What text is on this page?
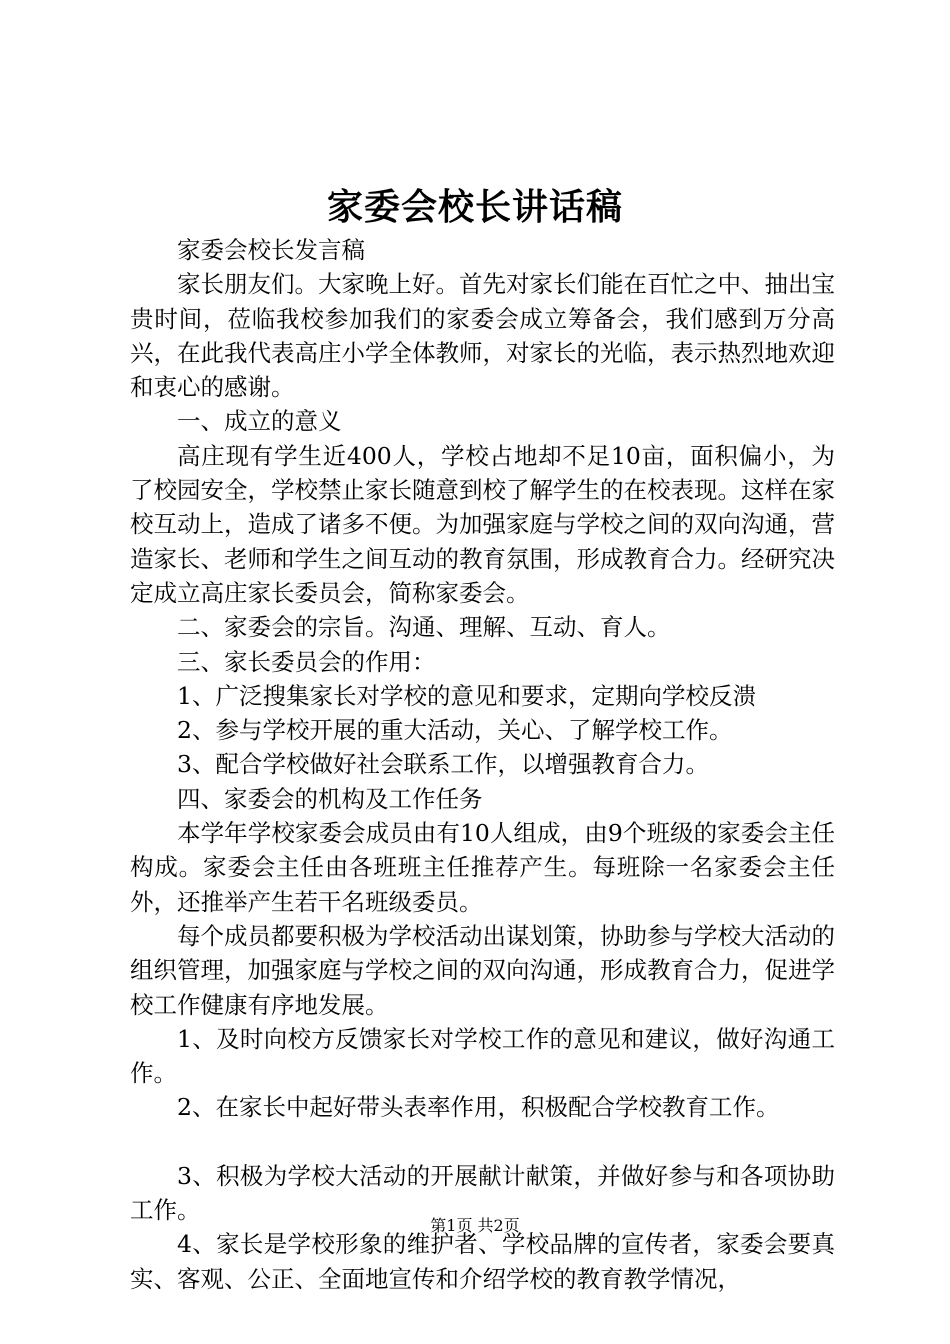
家委会校长讲话稿

家委会校长发言稿

家长朋友们。大家晚上好。首先对家长们能在百忙之中、抽出宝贵时间，莅临我校参加我们的家委会成立筹备会，我们感到万分高兴，在此我代表高庄小学全体教师，对家长的光临，表示热烈地欢迎和衷心的感谢。

一、成立的意义

高庄现有学生近400人，学校占地却不足10亩，面积偏小，为了校园安全，学校禁止家长随意到校了解学生的在校表现。这样在家校互动上，造成了诸多不便。为加强家庭与学校之间的双向沟通，营造家长、老师和学生之间互动的教育氛围，形成教育合力。经研究决定成立高庄家长委员会，简称家委会。

二、家委会的宗旨。沟通、理解、互动、育人。

三、家长委员会的作用：

1、广泛搜集家长对学校的意见和要求，定期向学校反溃

2、参与学校开展的重大活动，关心、了解学校工作。

3、配合学校做好社会联系工作，以增强教育合力。

四、家委会的机构及工作任务

本学年学校家委会成员由有10人组成，由9个班级的家委会主任构成。家委会主任由各班班主任推荐产生。每班除一名家委会主任外，还推举产生若干名班级委员。

每个成员都要积极为学校活动出谋划策，协助参与学校大活动的组织管理，加强家庭与学校之间的双向沟通，形成教育合力，促进学校工作健康有序地发展。

1、及时向校方反馈家长对学校工作的意见和建议，做好沟通工作。

2、在家长中起好带头表率作用，积极配合学校教育工作。

3、积极为学校大活动的开展献计献策，并做好参与和各项协助工作。

4、家长是学校形象的维护者、学校品牌的宣传者，家委会要真实、客观、公正、全面地宣传和介绍学校的教育教学情况，

第1页 共2页
